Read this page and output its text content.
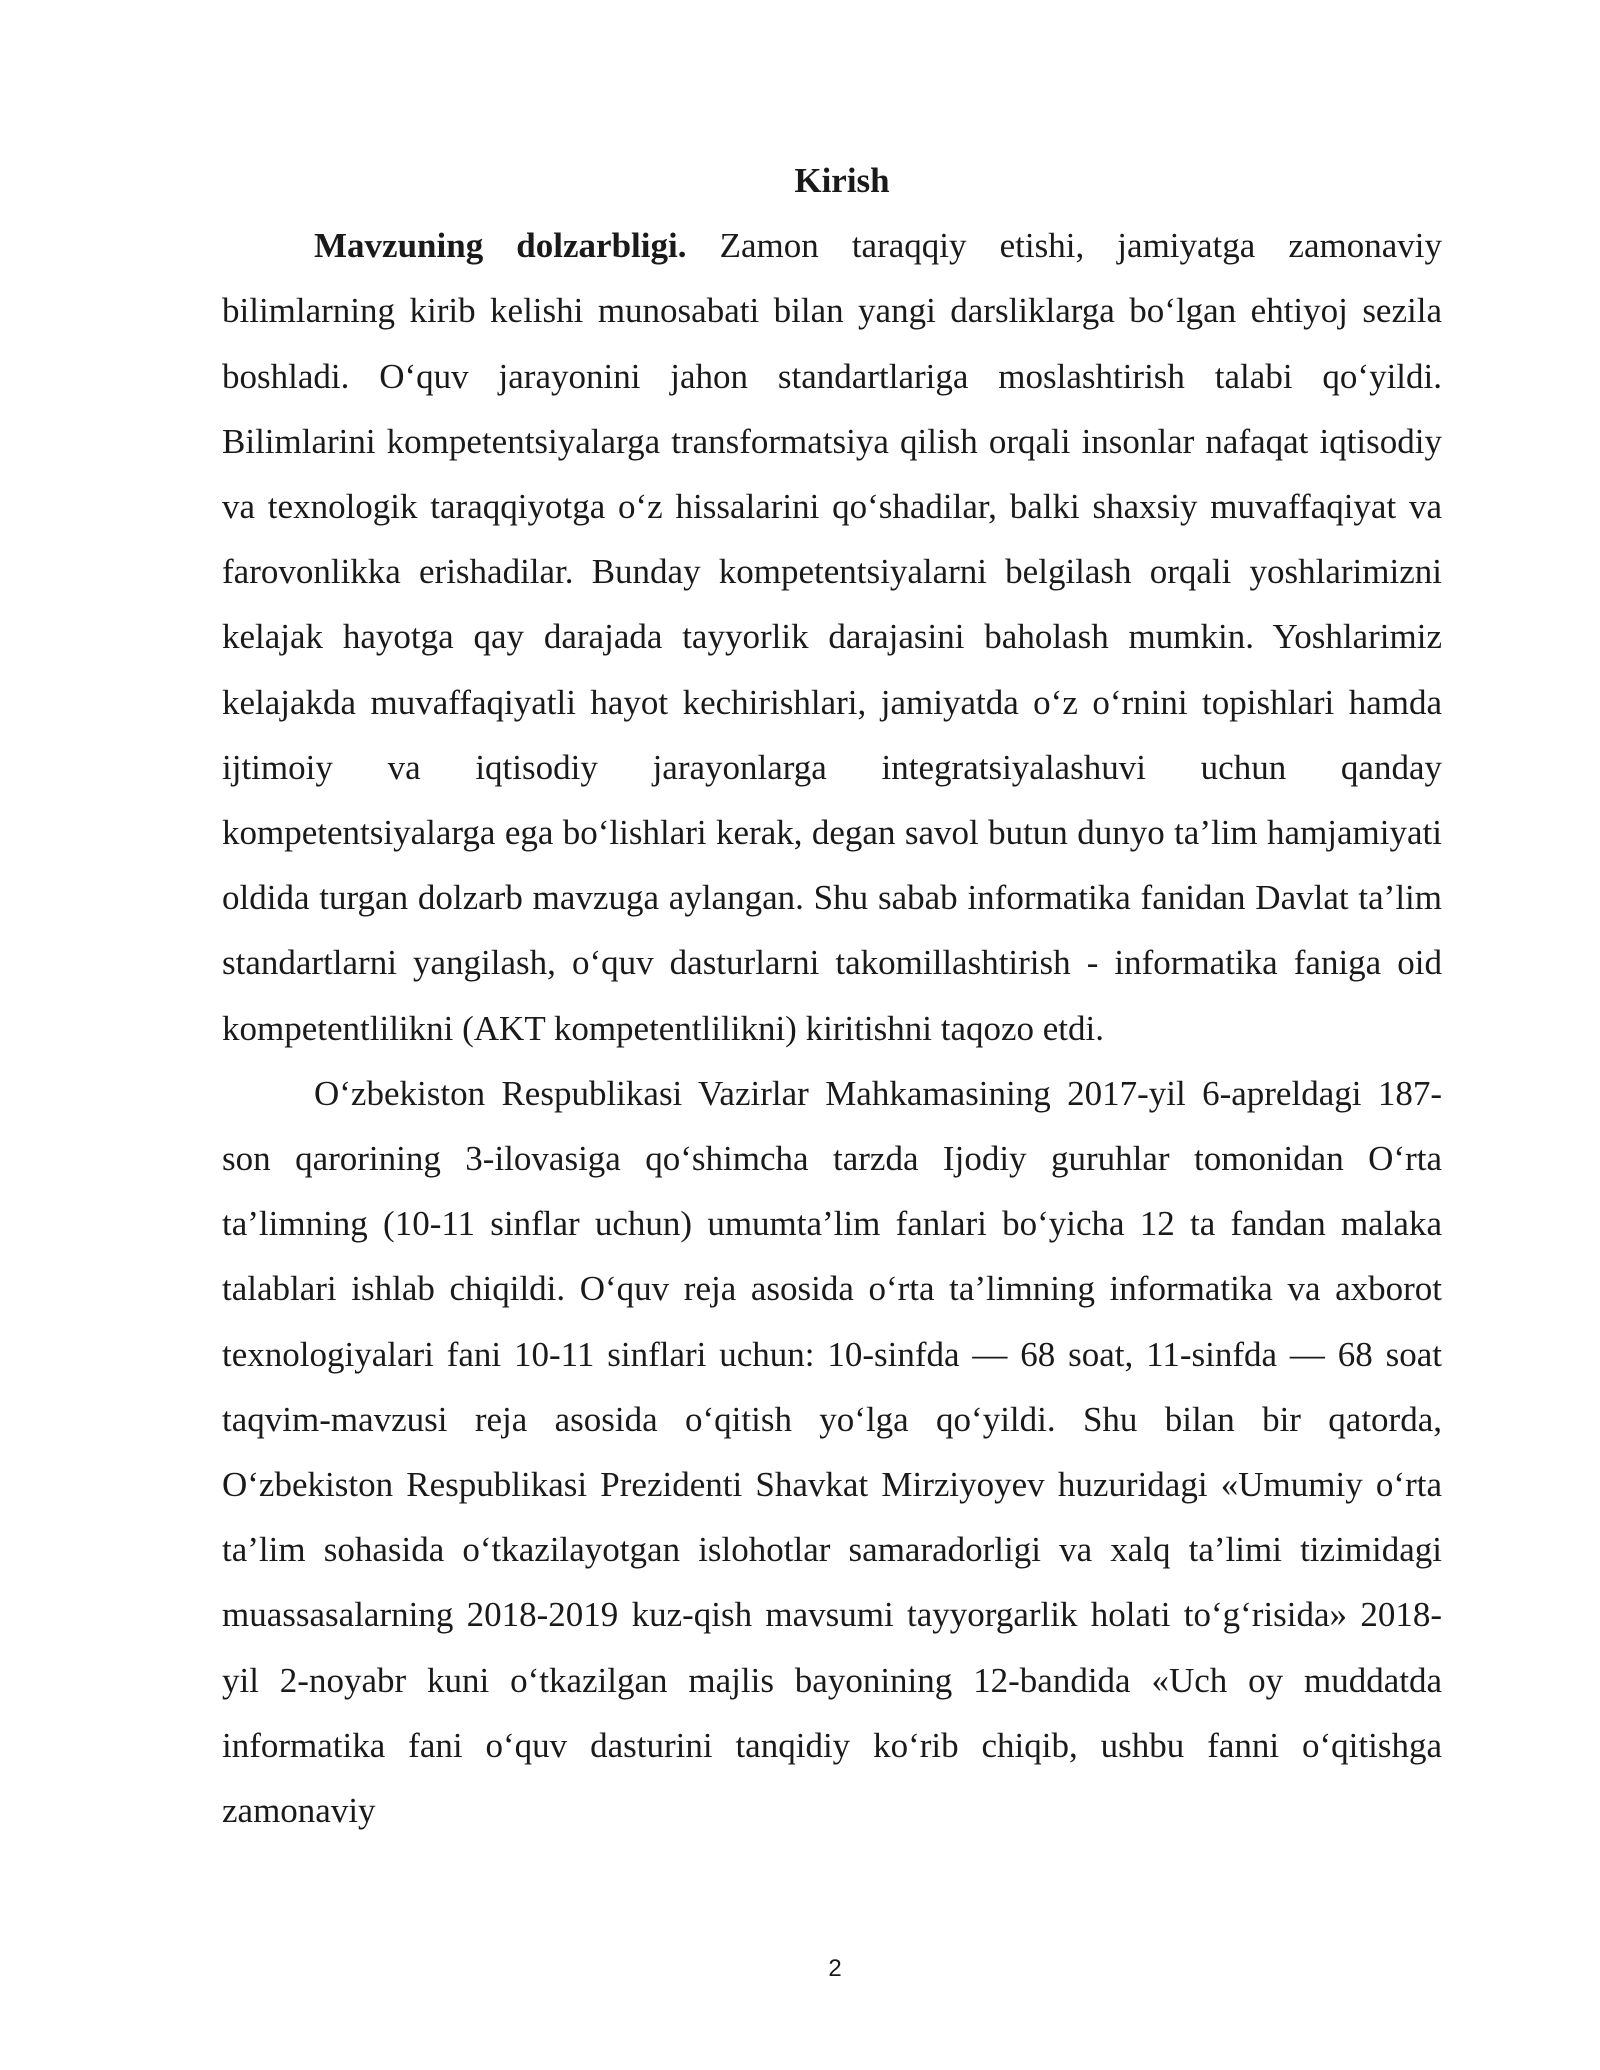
Kirish

Mavzuning dolzarbligi. Zamon taraqqiy etishi, jamiyatga zamonaviy bilimlarning kirib kelishi munosabati bilan yangi darsliklarga bo‘lgan ehtiyoj sezila boshladi. O‘quv jarayonini jahon standartlariga moslashtirish talabi qo‘yildi. Bilimlarini kompetentsiyalarga transformatsiya qilish orqali insonlar nafaqat iqtisodiy va texnologik taraqqiyotga o‘z hissalarini qo‘shadilar, balki shaxsiy muvaffaqiyat va farovonlikka erishadilar. Bunday kompetentsiyalarni belgilash orqali yoshlarimizni kelajak hayotga qay darajada tayyorlik darajasini baholash mumkin. Yoshlarimiz kelajakda muvaffaqiyatli hayot kechirishlari, jamiyatda o‘z o‘rnini topishlari hamda ijtimoiy va iqtisodiy jarayonlarga integratsiyalashuvi uchun qanday kompetentsiyalarga ega bo‘lishlari kerak, degan savol butun dunyo ta’lim hamjamiyati oldida turgan dolzarb mavzuga aylangan. Shu sabab informatika fanidan Davlat ta’lim standartlarni yangilash, o‘quv dasturlarni takomillashtirish - informatika faniga oid kompetentlilikni (AKT kompetentlilikni) kiritishni taqozo etdi.

O‘zbekiston Respublikasi Vazirlar Mahkamasining 2017-yil 6-apreldagi 187-son qarorining 3-ilovasiga qo‘shimcha tarzda Ijodiy guruhlar tomonidan O‘rta ta’limning (10-11 sinflar uchun) umumta’lim fanlari bo‘yicha 12 ta fandan malaka talablari ishlab chiqildi. O‘quv reja asosida o‘rta ta’limning informatika va axborot texnologiyalari fani 10-11 sinflari uchun: 10-sinfda — 68 soat, 11-sinfda — 68 soat taqvim-mavzusi reja asosida o‘qitish yo‘lga qo‘yildi. Shu bilan bir qatorda, O‘zbekiston Respublikasi Prezidenti Shavkat Mirziyoyev huzuridagi «Umumiy o‘rta ta’lim sohasida o‘tkazilayotgan islohotlar samaradorligi va xalq ta’limi tizimidagi muassasalarning 2018-2019 kuz-qish mavsumi tayyorgarlik holati to‘g‘risida» 2018-yil 2-noyabr kuni o‘tkazilgan majlis bayonining 12-bandida «Uch oy muddatda informatika fani o‘quv dasturini tanqidiy ko‘rib chiqib, ushbu fanni o‘qitishga zamonaviy

2
